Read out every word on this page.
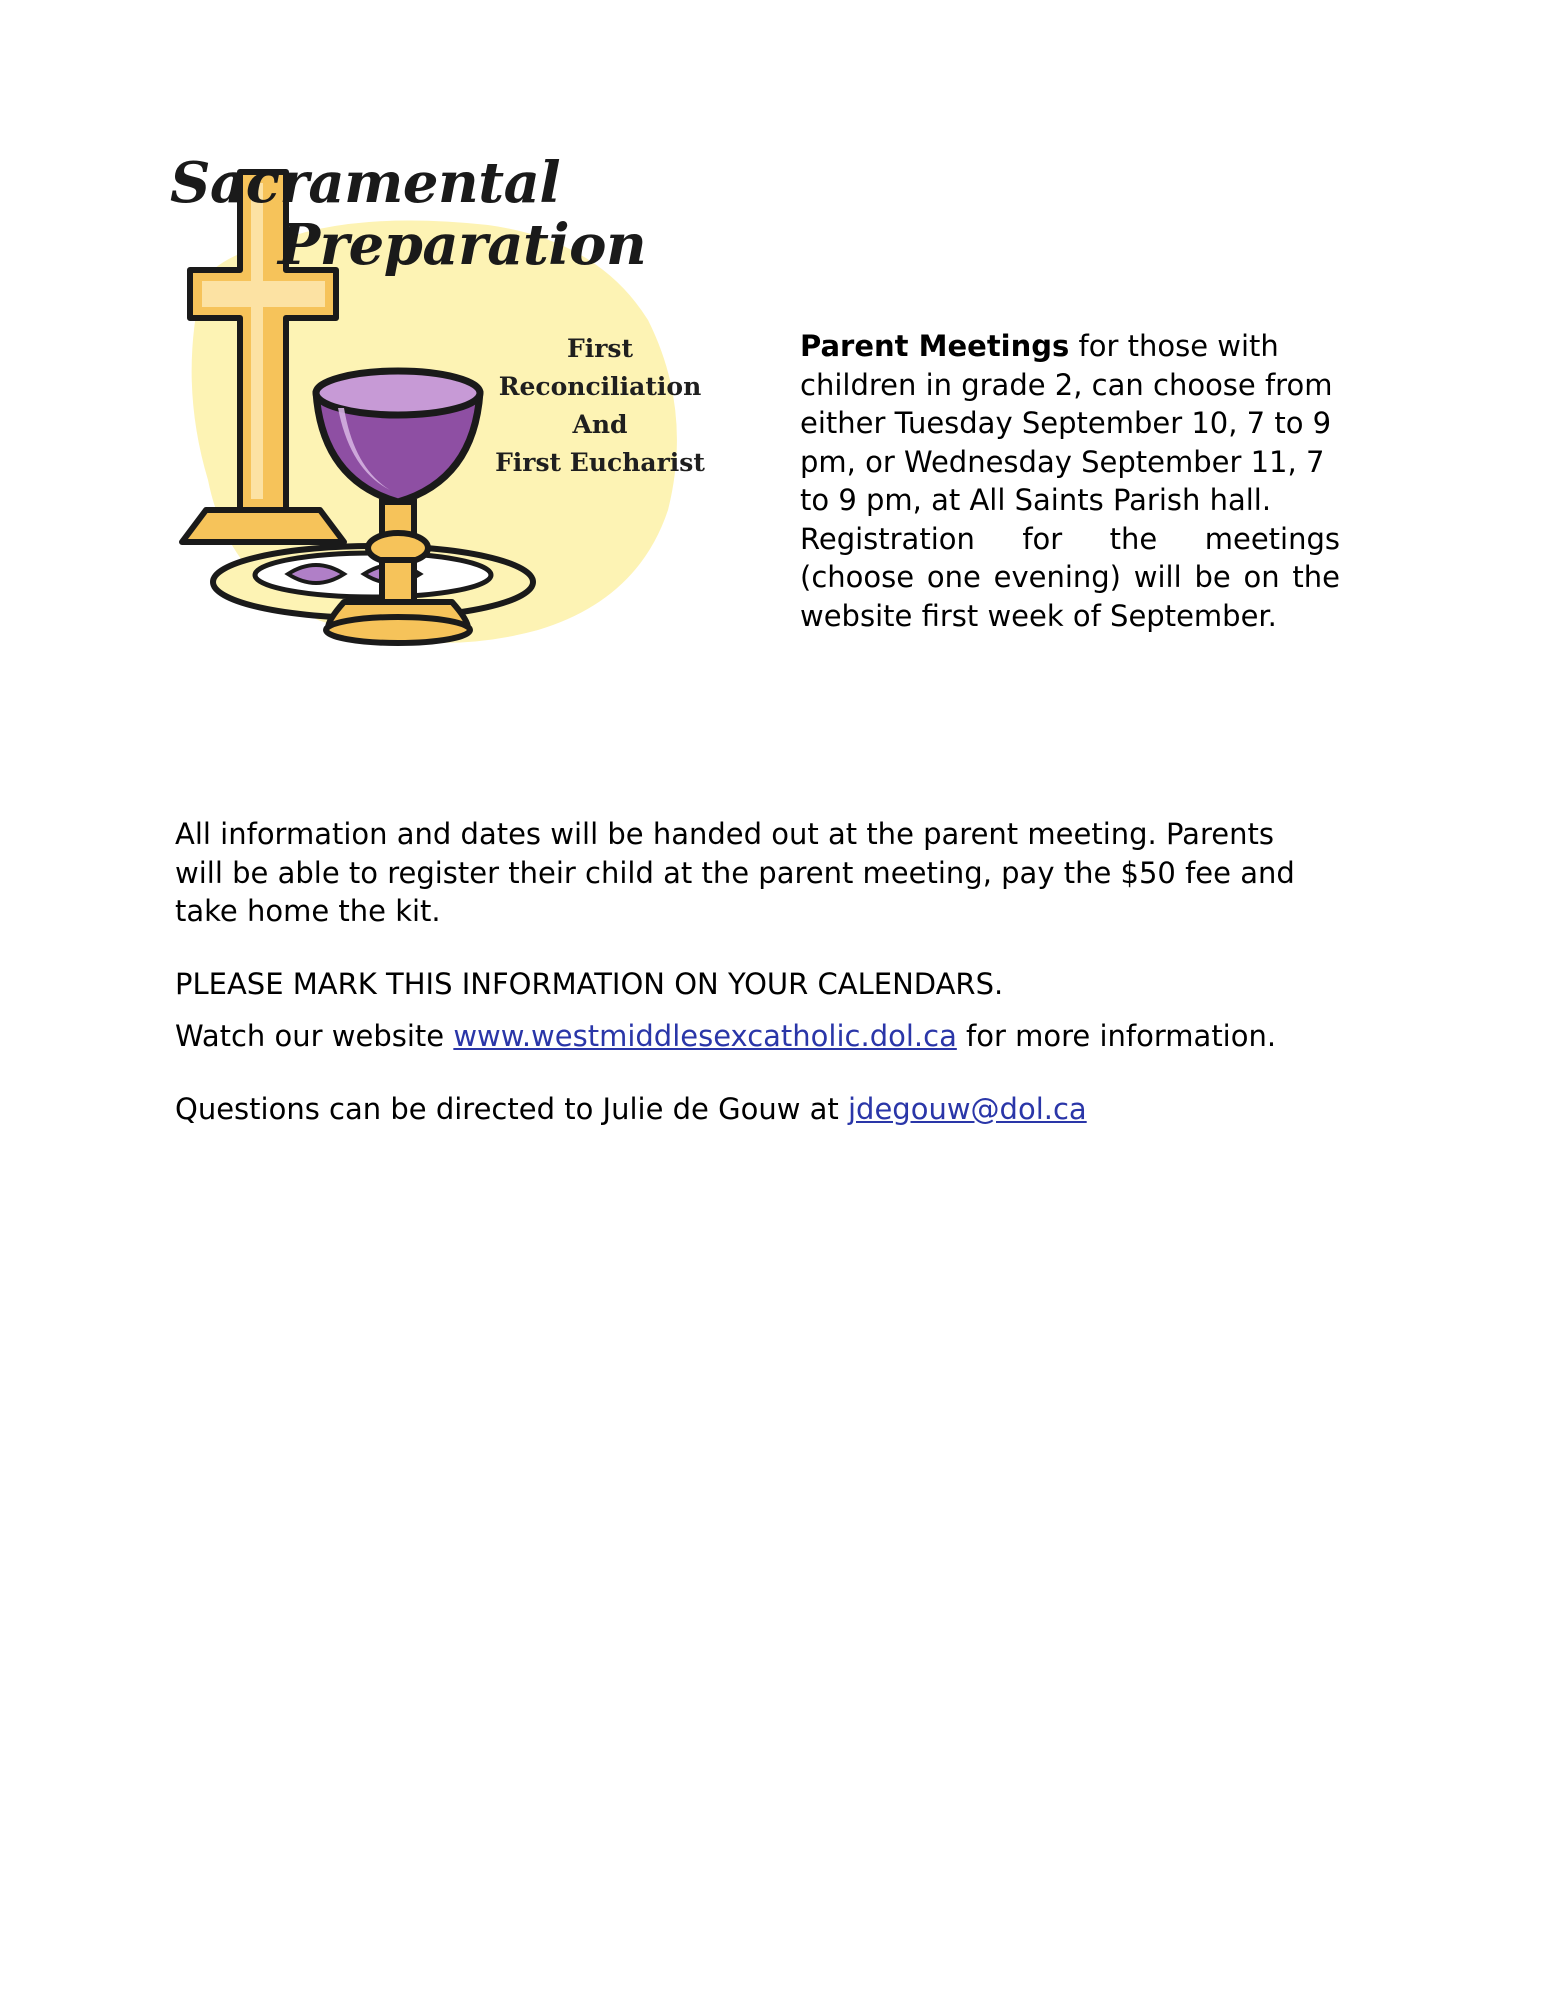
Sacramental
Preparation
First
Reconciliation
And
First Eucharist

Parent Meetings for those with children in grade 2, can choose from either Tuesday September 10, 7 to 9 pm, or Wednesday September 11, 7 to 9 pm, at All Saints Parish hall.

Registration for the meetings (choose one evening) will be on the website first week of September.

All information and dates will be handed out at the parent meeting. Parents will be able to register their child at the parent meeting, pay the $50 fee and take home the kit.

PLEASE MARK THIS INFORMATION ON YOUR CALENDARS.

Watch our website www.westmiddlesexcatholic.dol.ca for more information.

Questions can be directed to Julie de Gouw at jdegouw@dol.ca
